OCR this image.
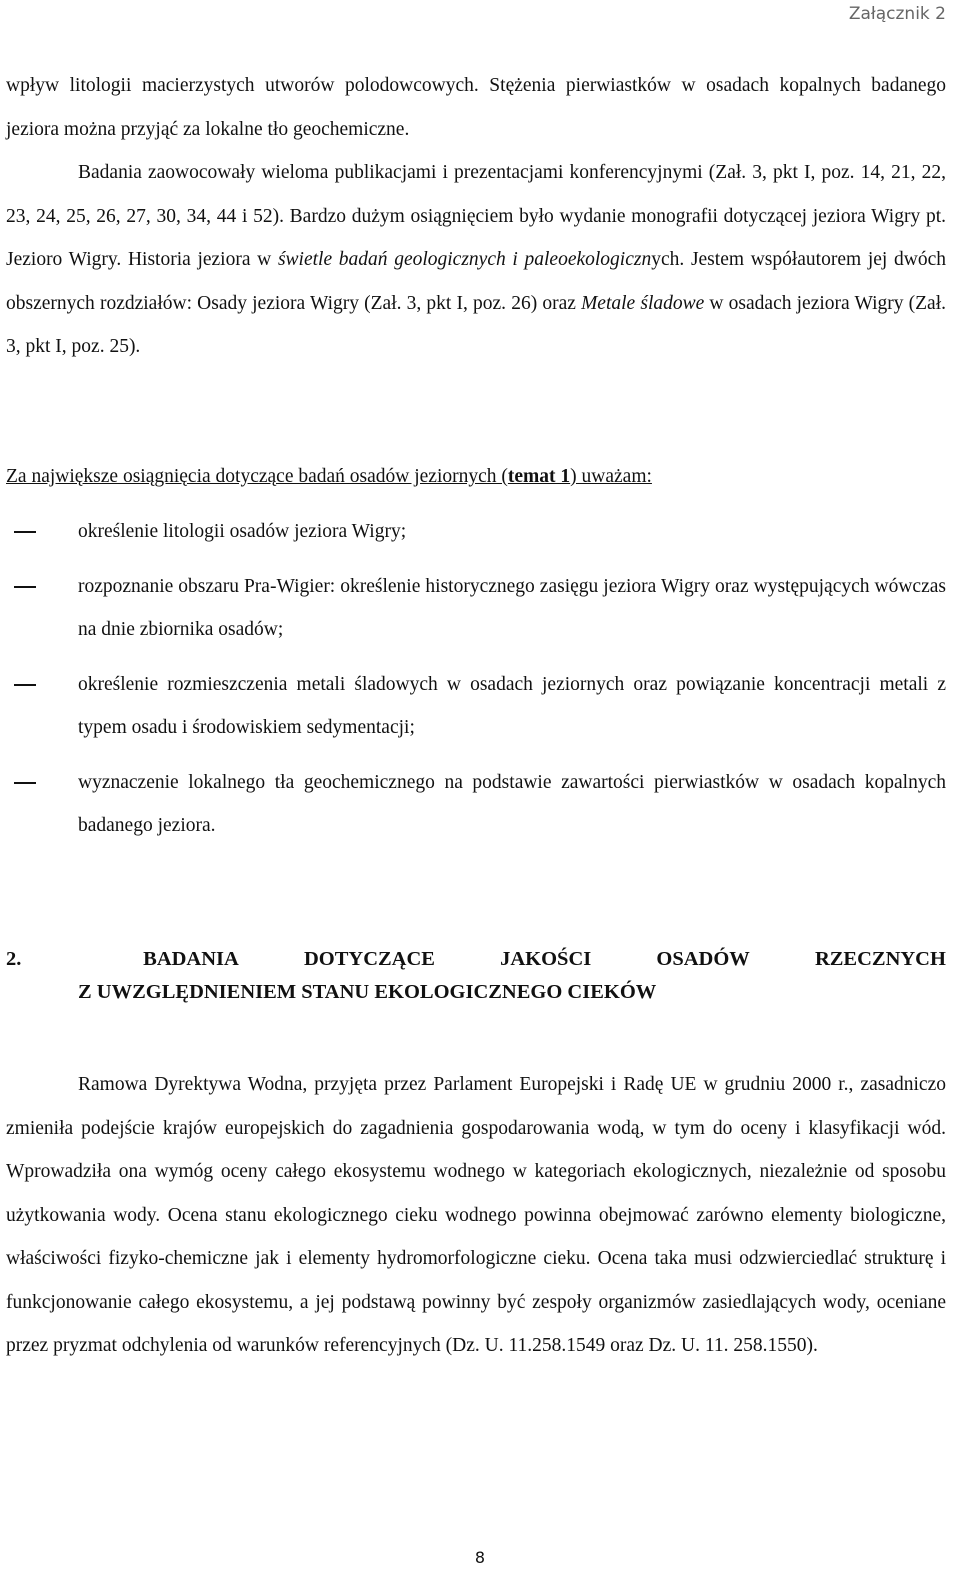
Załącznik 2
wpływ litologii macierzystych utworów polodowcowych. Stężenia pierwiastków w osadach kopalnych badanego jeziora można przyjąć za lokalne tło geochemiczne.
Badania zaowocowały wieloma publikacjami i prezentacjami konferencyjnymi (Zał. 3, pkt I, poz. 14, 21, 22, 23, 24, 25, 26, 27, 30, 34, 44 i 52). Bardzo dużym osiągnięciem było wydanie monografii dotyczącej jeziora Wigry pt. Jezioro Wigry. Historia jeziora w świetle badań geologicznych i paleoekologicznych. Jestem współautorem jej dwóch obszernych rozdziałów: Osady jeziora Wigry (Zał. 3, pkt I, poz. 26) oraz Metale śladowe w osadach jeziora Wigry (Zał. 3, pkt I, poz. 25).
Za największe osiągnięcia dotyczące badań osadów jeziornych (temat 1) uważam:
określenie litologii osadów jeziora Wigry;
rozpoznanie obszaru Pra-Wigier: określenie historycznego zasięgu jeziora Wigry oraz występujących wówczas na dnie zbiornika osadów;
określenie rozmieszczenia metali śladowych w osadach jeziornych oraz powiązanie koncentracji metali z typem osadu i środowiskiem sedymentacji;
wyznaczenie lokalnego tła geochemicznego na podstawie zawartości pierwiastków w osadach kopalnych badanego jeziora.
2.	BADANIA	DOTYCZĄCE	JAKOŚCI	OSADÓW	RZECZNYCH
Z UWZGLĘDNIENIEM STANU EKOLOGICZNEGO CIEKÓW
Ramowa Dyrektywa Wodna, przyjęta przez Parlament Europejski i Radę UE w grudniu 2000 r., zasadniczo zmieniła podejście krajów europejskich do zagadnienia gospodarowania wodą, w tym do oceny i klasyfikacji wód. Wprowadziła ona wymóg oceny całego ekosystemu wodnego w kategoriach ekologicznych, niezależnie od sposobu użytkowania wody. Ocena stanu ekologicznego cieku wodnego powinna obejmować zarówno elementy biologiczne, właściwości fizyko-chemiczne jak i elementy hydromorfologiczne cieku. Ocena taka musi odzwierciedlać strukturę i funkcjonowanie całego ekosystemu, a jej podstawą powinny być zespoły organizmów zasiedlających wody, oceniane przez pryzmat odchylenia od warunków referencyjnych (Dz. U. 11.258.1549 oraz Dz. U. 11. 258.1550).
8
